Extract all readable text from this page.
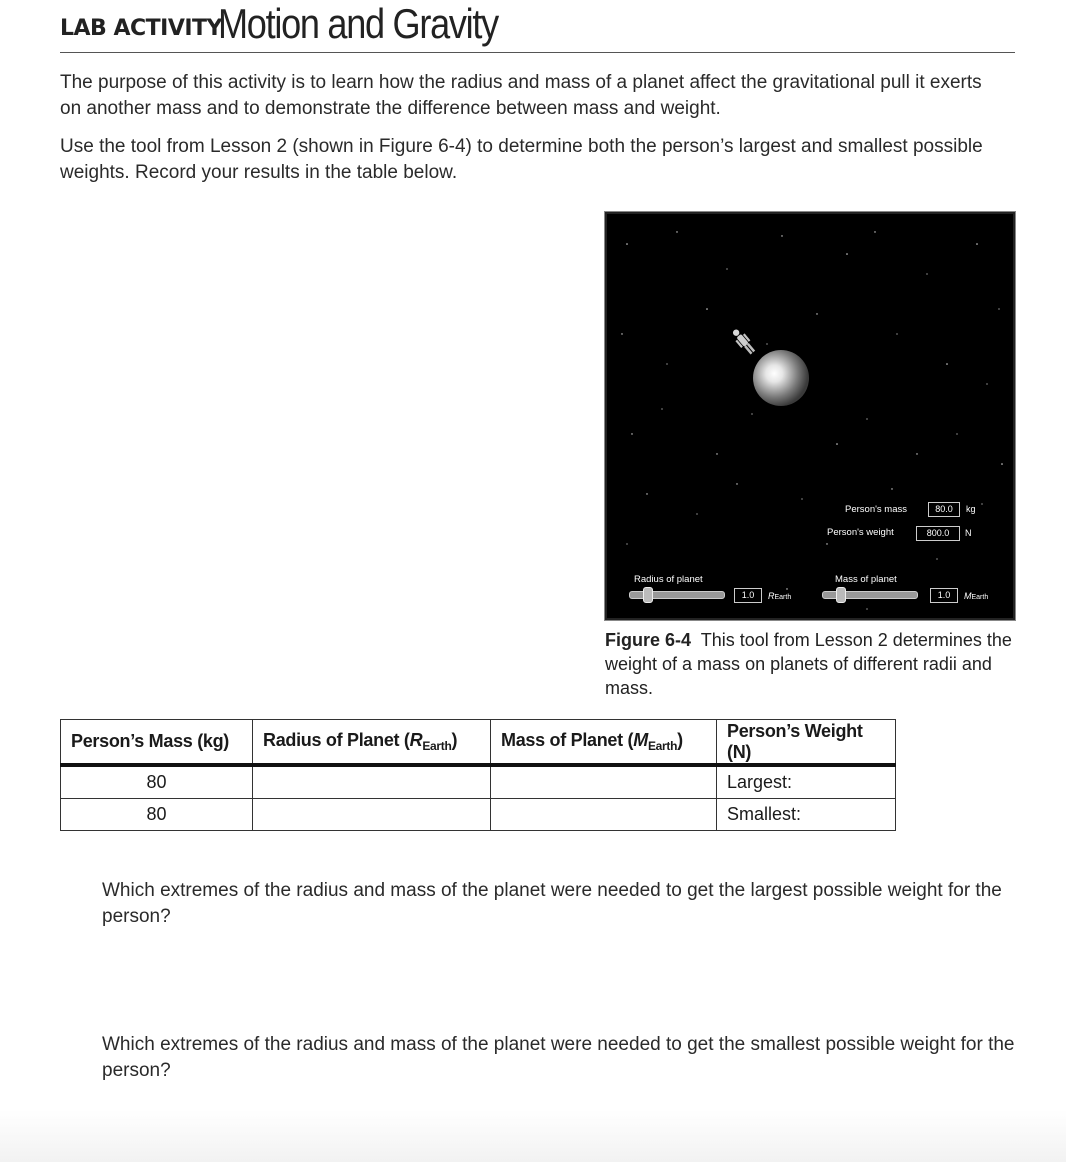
LAB ACTIVITY
Motion and Gravity
The purpose of this activity is to learn how the radius and mass of a planet affect the gravitational pull it exerts on another mass and to demonstrate the difference between mass and weight.
Use the tool from Lesson 2 (shown in Figure 6-4) to determine both the person’s largest and smallest possible weights. Record your results in the table below.
Person's mass	80.0	kg
Person's weight	800.0	N
Radius of planet
1.0	REarth
Mass of planet
1.0	MEarth
Figure 6-4 This tool from Lesson 2 determines the weight of a mass on planets of different radii and mass.
Person’s Mass (kg)	Radius of Planet $(R_{Earth})$	Mass of Planet $(M_{Earth})$	Person’s Weight (N)
80			Largest:
80			Smallest:
Which extremes of the radius and mass of the planet were needed to get the largest possible weight for the person?
Which extremes of the radius and mass of the planet were needed to get the smallest possible weight for the person?
